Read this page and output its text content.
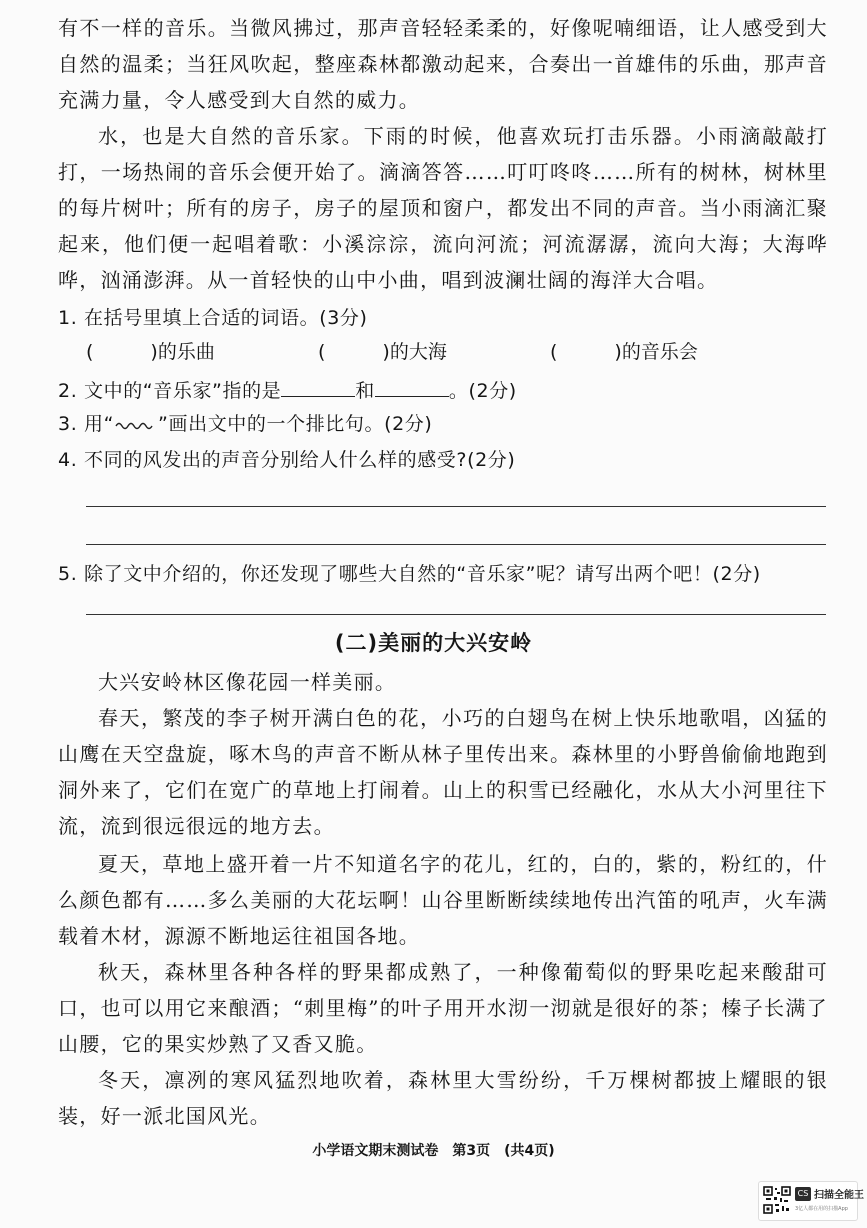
有不一样的音乐。当微风拂过，那声音轻轻柔柔的，好像呢喃细语，让人感受到大自然的温柔；当狂风吹起，整座森林都激动起来，合奏出一首雄伟的乐曲，那声音充满力量，令人感受到大自然的威力。
水，也是大自然的音乐家。下雨的时候，他喜欢玩打击乐器。小雨滴敲敲打打，一场热闹的音乐会便开始了。滴滴答答……叮叮咚咚……所有的树林，树林里的每片树叶；所有的房子，房子的屋顶和窗户，都发出不同的声音。当小雨滴汇聚起来，他们便一起唱着歌：小溪淙淙，流向河流；河流潺潺，流向大海；大海哗哗，汹涌澎湃。从一首轻快的山中小曲，唱到波澜壮阔的海洋大合唱。
1. 在括号里填上合适的词语。(3分)
(　　　)的乐曲	(　　　)的大海	(　　　)的音乐会
2. 文中的“音乐家”指的是	和	。(2分)
3. 用“ ”画出文中的一个排比句。(2分)
4. 不同的风发出的声音分别给人什么样的感受?(2分)
5. 除了文中介绍的，你还发现了哪些大自然的“音乐家”呢？请写出两个吧！(2分)
(二)美丽的大兴安岭
大兴安岭林区像花园一样美丽。
春天，繁茂的李子树开满白色的花，小巧的白翅鸟在树上快乐地歌唱，凶猛的山鹰在天空盘旋，啄木鸟的声音不断从林子里传出来。森林里的小野兽偷偷地跑到洞外来了，它们在宽广的草地上打闹着。山上的积雪已经融化，水从大小河里往下流，流到很远很远的地方去。
夏天，草地上盛开着一片不知道名字的花儿，红的，白的，紫的，粉红的，什么颜色都有……多么美丽的大花坛啊！山谷里断断续续地传出汽笛的吼声，火车满载着木材，源源不断地运往祖国各地。
秋天，森林里各种各样的野果都成熟了，一种像葡萄似的野果吃起来酸甜可口，也可以用它来酿酒；“刺里梅”的叶子用开水沏一沏就是很好的茶；榛子长满了山腰，它的果实炒熟了又香又脆。
冬天，凛冽的寒风猛烈地吹着，森林里大雪纷纷，千万棵树都披上耀眼的银装，好一派北国风光。
小学语文期末测试卷　第3页　(共4页)
CS 扫描全能王
3亿人都在用的扫描App
